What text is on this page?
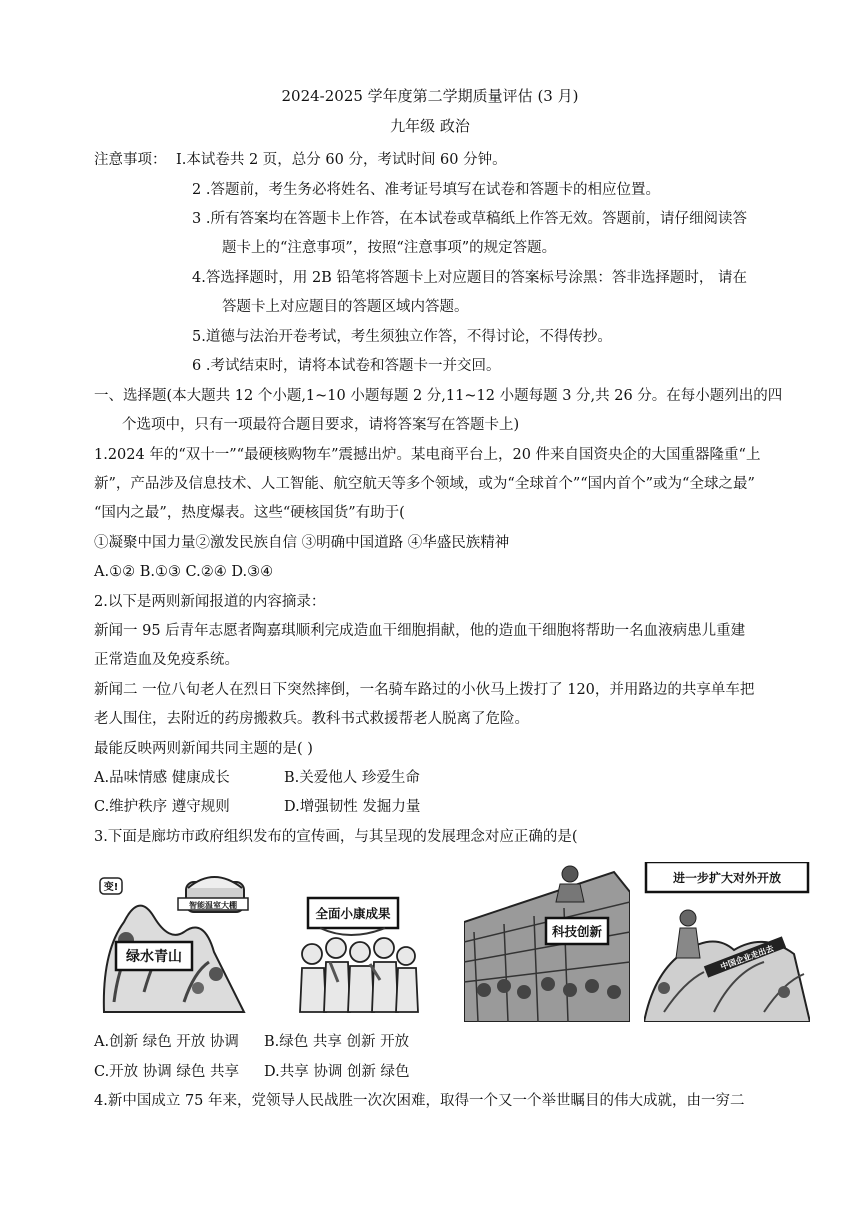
2024-2025 学年度第二学期质量评估 (3 月)
九年级 政治
注意事项： Ⅰ.本试卷共 2 页，总分 60 分，考试时间 60 分钟。
2 .答题前，考生务必将姓名、准考证号填写在试卷和答题卡的相应位置。
3 .所有答案均在答题卡上作答，在本试卷或草稿纸上作答无效。答题前，请仔细阅读答
题卡上的“注意事项”，按照“注意事项”的规定答题。
4.答选择题时，用 2B 铅笔将答题卡上对应题目的答案标号涂黑：答非选择题时， 请在
答题卡上对应题目的答题区域内答题。
5.道德与法治开卷考试，考生须独立作答，不得讨论，不得传抄。
6 .考试结束时，请将本试卷和答题卡一并交回。
一、选择题(本大题共 12 个小题,1~10 小题每题 2 分,11~12 小题每题 3 分,共 26 分。在每小题列出的四
个选项中，只有一项最符合题目要求，请将答案写在答题卡上)
1.2024 年的“双十一”“最硬核购物车”震撼出炉。某电商平台上，20 件来自国资央企的大国重器隆重“上
新”，产品涉及信息技术、人工智能、航空航天等多个领域，或为“全球首个”“国内首个”或为“全球之最”
“国内之最”，热度爆表。这些“硬核国货”有助于(
①凝聚中国力量②激发民族自信 ③明确中国道路 ④华盛民族精神
A.①② B.①③ C.②④ D.③④
2.以下是两则新闻报道的内容摘录：
新闻一 95 后青年志愿者陶嘉琪顺利完成造血干细胞捐献，他的造血干细胞将帮助一名血液病患儿重建
正常造血及免疫系统。
新闻二 一位八旬老人在烈日下突然摔倒，一名骑车路过的小伙马上拨打了 120，并用路边的共享单车把
老人围住，去附近的药房搬救兵。教科书式救援帮老人脱离了危险。
最能反映两则新闻共同主题的是( )
A.品味情感 健康成长	B.关爱他人 珍爱生命
C.维护秩序 遵守规则	D.增强韧性 发掘力量
3.下面是廊坊市政府组织发布的宣传画，与其呈现的发展理念对应正确的是(
智能温室大棚
变!
绿水青山
全面小康成果
科技创新
进一步扩大对外开放
中国企业走出去
A.创新 绿色 开放 协调 B.绿色 共享 创新 开放
C.开放 协调 绿色 共享 D.共享 协调 创新 绿色
4.新中国成立 75 年来，党领导人民战胜一次次困难，取得一个又一个举世瞩目的伟大成就，由一穷二
